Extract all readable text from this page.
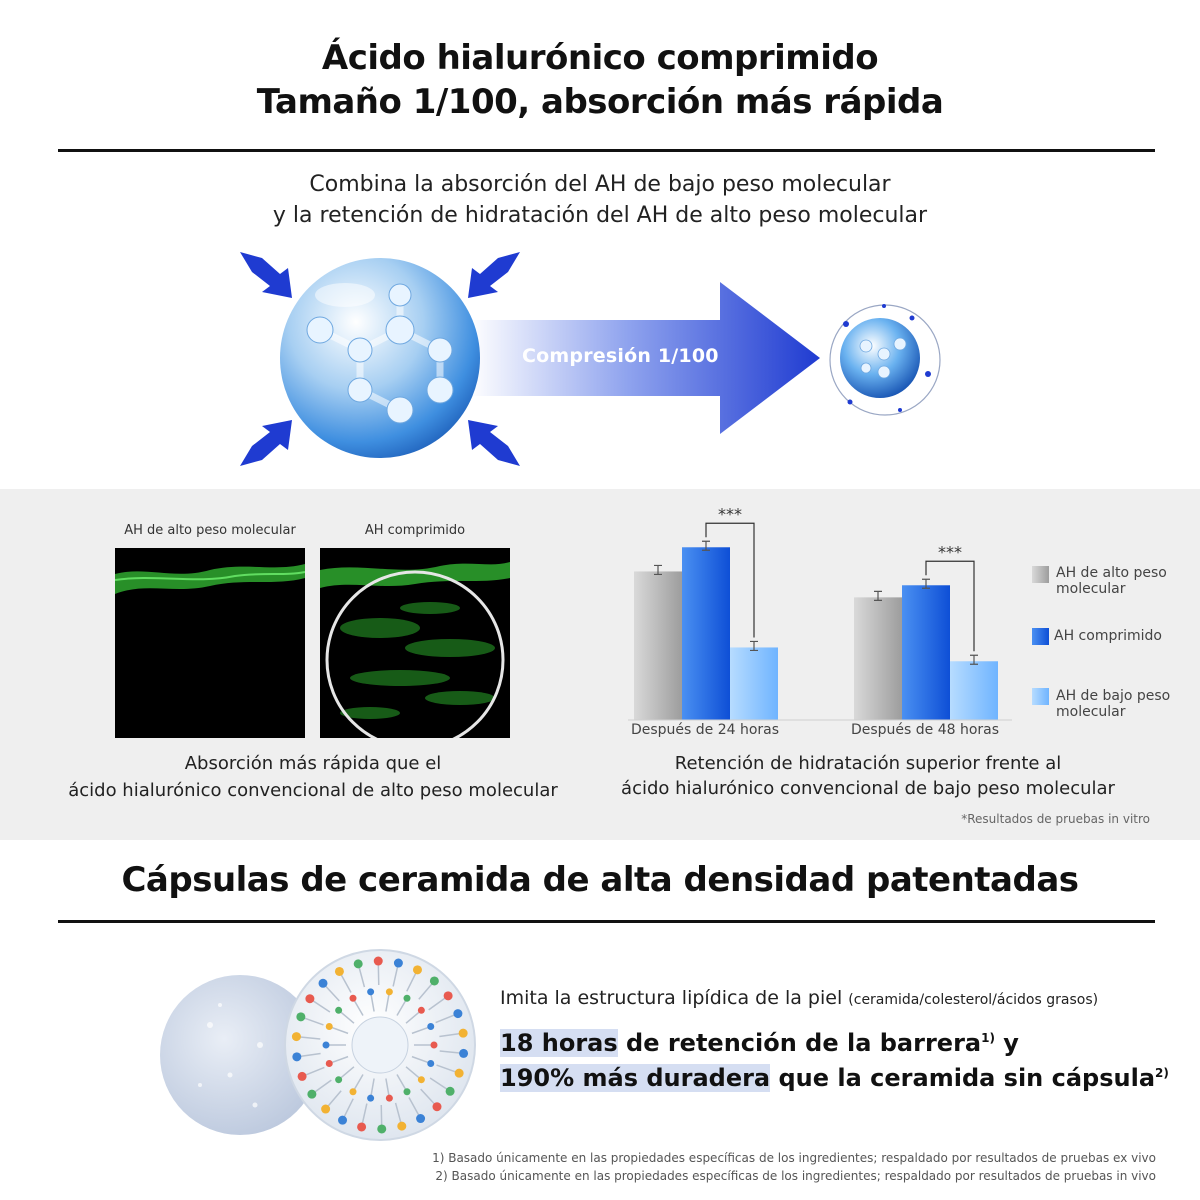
Ácido hialurónico comprimido
Tamaño 1/100, absorción más rápida
Combina la absorción del AH de bajo peso molecular
y la retención de hidratación del AH de alto peso molecular
Compresión 1/100
AH de alto peso molecular	AH comprimido
Absorción más rápida que el
ácido hialurónico convencional de alto peso molecular
***
***
Después de 24 horas	Después de 48 horas
AH de alto peso
molecular
AH comprimido
AH de bajo peso
molecular
Retención de hidratación superior frente al
ácido hialurónico convencional de bajo peso molecular
*Resultados de pruebas in vitro
Cápsulas de ceramida de alta densidad patentadas
Imita la estructura lipídica de la piel (ceramida/colesterol/ácidos grasos)
18 horas de retención de la barrera$^{1)}$ y
190% más duradera que la ceramida sin cápsula$^{2)}$
1) Basado únicamente en las propiedades específicas de los ingredientes; respaldado por resultados de pruebas ex vivo
2) Basado únicamente en las propiedades específicas de los ingredientes; respaldado por resultados de pruebas in vivo
